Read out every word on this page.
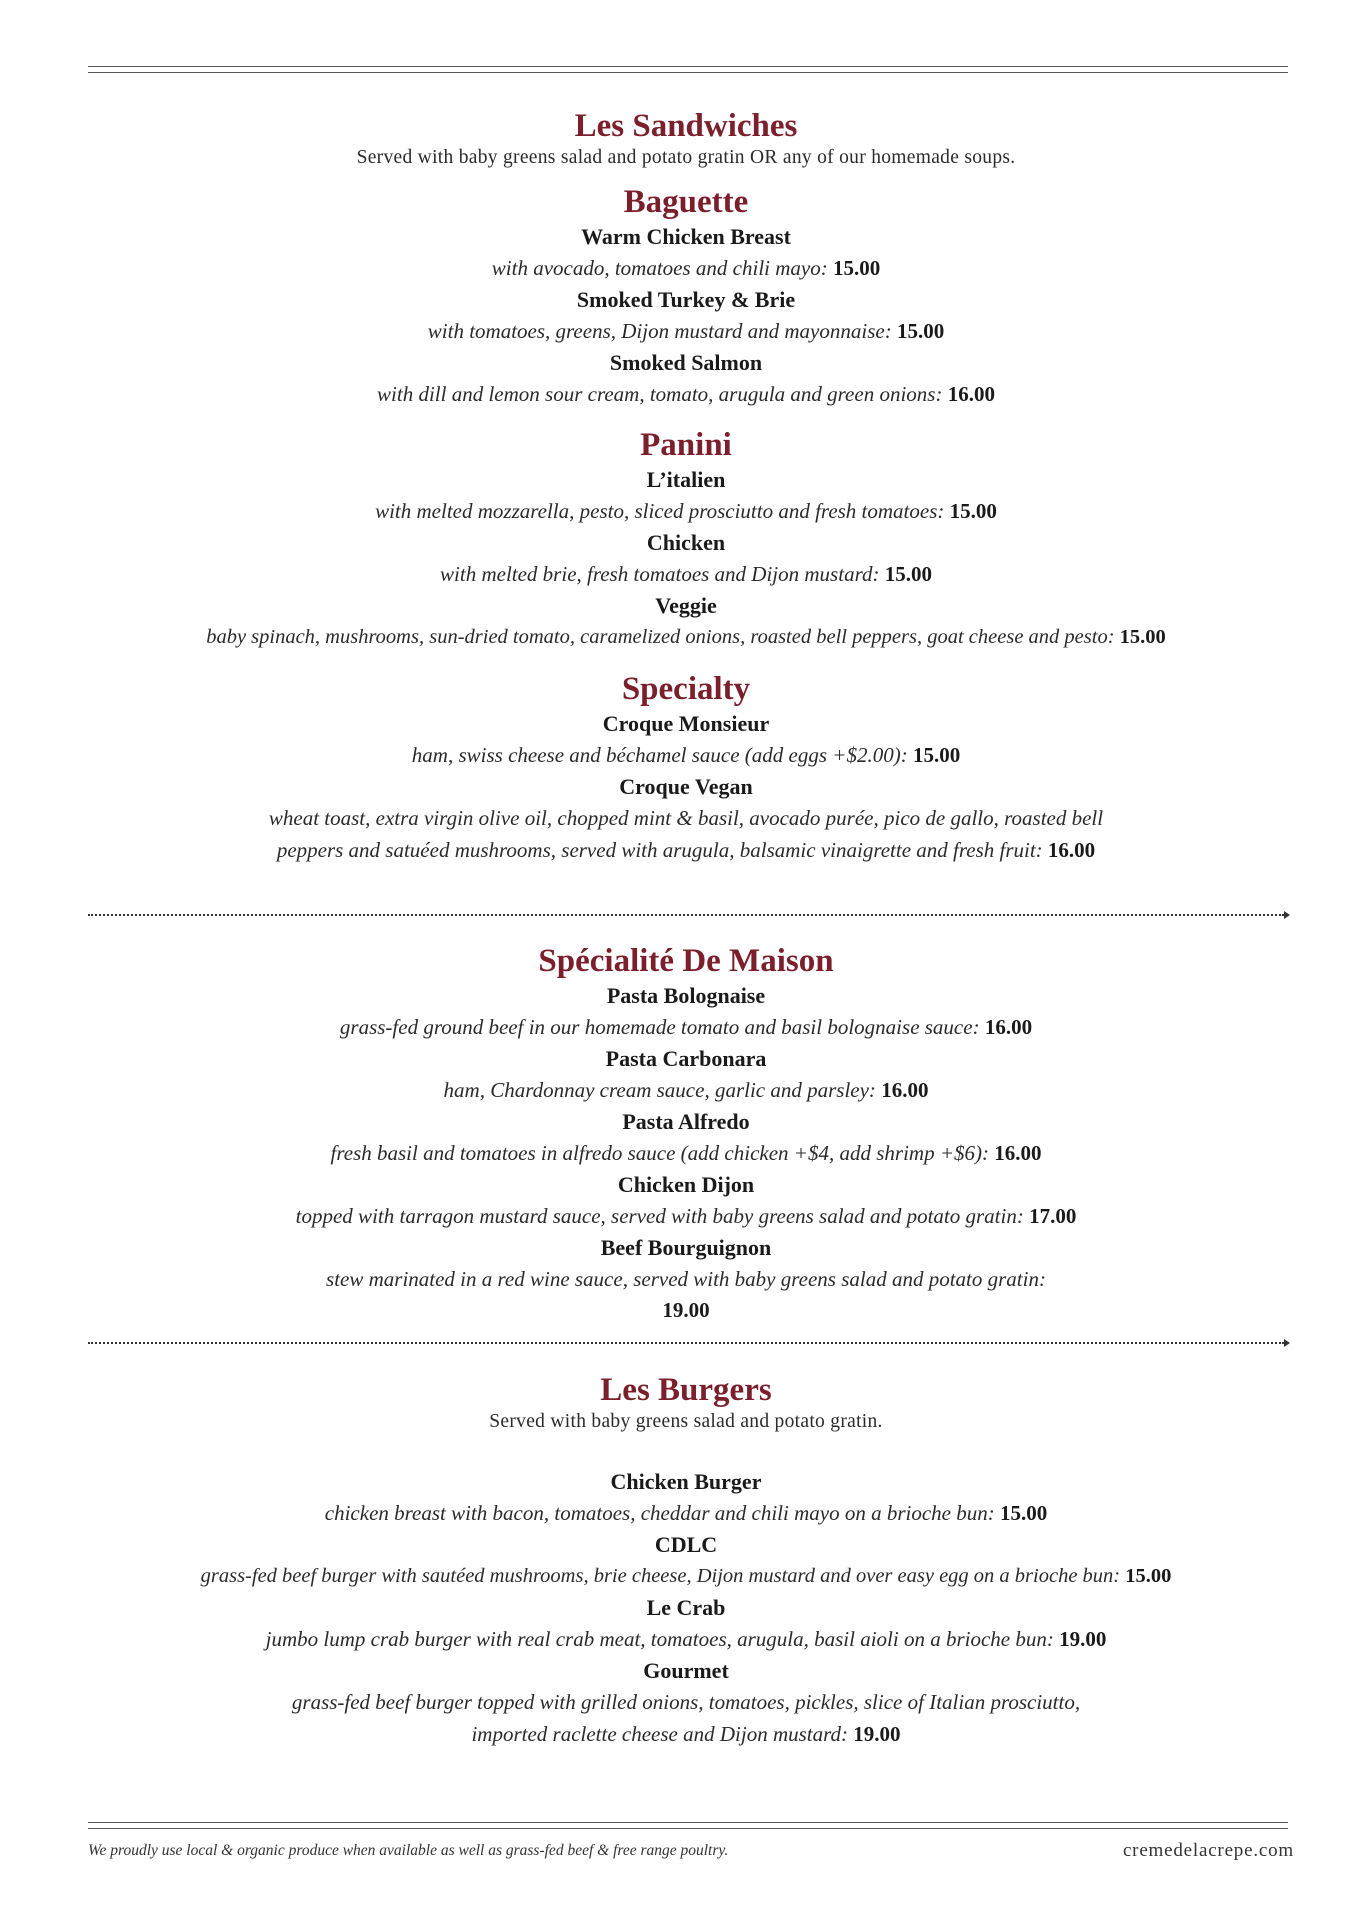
Les Sandwiches
Served with baby greens salad and potato gratin OR any of our homemade soups.
Baguette
Warm Chicken Breast
with avocado, tomatoes and chili mayo: 15.00
Smoked Turkey & Brie
with tomatoes, greens, Dijon mustard and mayonnaise: 15.00
Smoked Salmon
with dill and lemon sour cream, tomato, arugula and green onions: 16.00
Panini
L’italien
with melted mozzarella, pesto, sliced prosciutto and fresh tomatoes: 15.00
Chicken
with melted brie, fresh tomatoes and Dijon mustard: 15.00
Veggie
baby spinach, mushrooms, sun-dried tomato, caramelized onions, roasted bell peppers, goat cheese and pesto: 15.00
Specialty
Croque Monsieur
ham, swiss cheese and béchamel sauce (add eggs +$2.00): 15.00
Croque Vegan
wheat toast, extra virgin olive oil, chopped mint & basil, avocado purée, pico de gallo, roasted bell
peppers and satuéed mushrooms, served with arugula, balsamic vinaigrette and fresh fruit: 16.00
Spécialité De Maison
Pasta Bolognaise
grass-fed ground beef in our homemade tomato and basil bolognaise sauce: 16.00
Pasta Carbonara
ham, Chardonnay cream sauce, garlic and parsley: 16.00
Pasta Alfredo
fresh basil and tomatoes in alfredo sauce (add chicken +$4, add shrimp +$6): 16.00
Chicken Dijon
topped with tarragon mustard sauce, served with baby greens salad and potato gratin: 17.00
Beef Bourguignon
stew marinated in a red wine sauce, served with baby greens salad and potato gratin:
19.00
Les Burgers
Served with baby greens salad and potato gratin.
Chicken Burger
chicken breast with bacon, tomatoes, cheddar and chili mayo on a brioche bun: 15.00
CDLC
grass-fed beef burger with sautéed mushrooms, brie cheese, Dijon mustard and over easy egg on a brioche bun: 15.00
Le Crab
jumbo lump crab burger with real crab meat, tomatoes, arugula, basil aioli on a brioche bun: 19.00
Gourmet
grass-fed beef burger topped with grilled onions, tomatoes, pickles, slice of Italian prosciutto,
imported raclette cheese and Dijon mustard: 19.00
We proudly use local & organic produce when available as well as grass-fed beef & free range poultry.	cremedelacrepe.com
